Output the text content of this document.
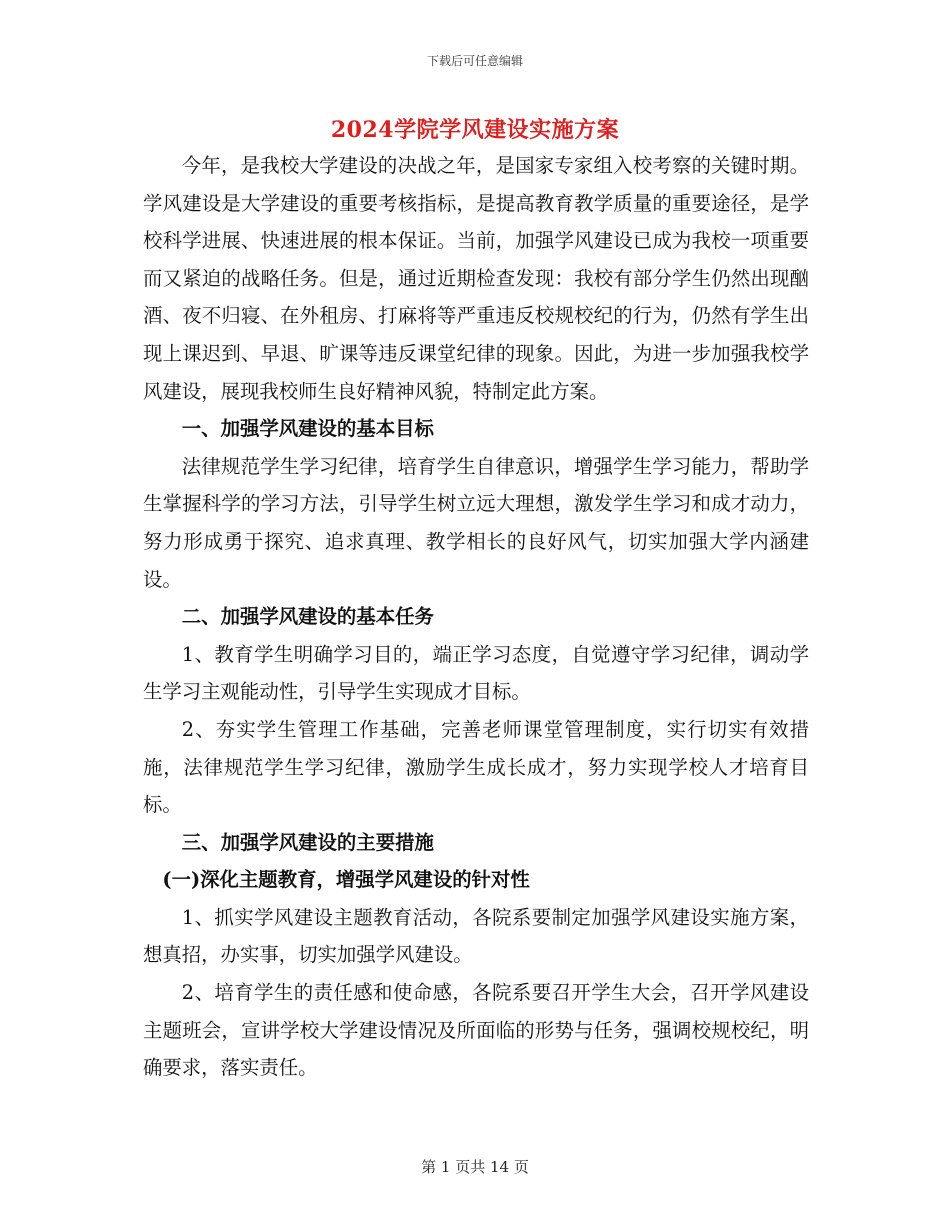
下载后可任意编辑
2024学院学风建设实施方案

今年，是我校大学建设的决战之年，是国家专家组入校考察的关键时期。学风建设是大学建设的重要考核指标，是提高教育教学质量的重要途径，是学校科学进展、快速进展的根本保证。当前，加强学风建设已成为我校一项重要而又紧迫的战略任务。但是，通过近期检查发现：我校有部分学生仍然出现酗酒、夜不归寝、在外租房、打麻将等严重违反校规校纪的行为，仍然有学生出现上课迟到、早退、旷课等违反课堂纪律的现象。因此，为进一步加强我校学风建设，展现我校师生良好精神风貌，特制定此方案。

一、加强学风建设的基本目标

法律规范学生学习纪律，培育学生自律意识，增强学生学习能力，帮助学生掌握科学的学习方法，引导学生树立远大理想，激发学生学习和成才动力，努力形成勇于探究、追求真理、教学相长的良好风气，切实加强大学内涵建设。

二、加强学风建设的基本任务

1、教育学生明确学习目的，端正学习态度，自觉遵守学习纪律，调动学生学习主观能动性，引导学生实现成才目标。

2、夯实学生管理工作基础，完善老师课堂管理制度，实行切实有效措施，法律规范学生学习纪律，激励学生成长成才，努力实现学校人才培育目标。

三、加强学风建设的主要措施

(一)深化主题教育，增强学风建设的针对性

1、抓实学风建设主题教育活动，各院系要制定加强学风建设实施方案，想真招，办实事，切实加强学风建设。

2、培育学生的责任感和使命感，各院系要召开学生大会，召开学风建设主题班会，宣讲学校大学建设情况及所面临的形势与任务，强调校规校纪，明确要求，落实责任。

第 1 页共 14 页
